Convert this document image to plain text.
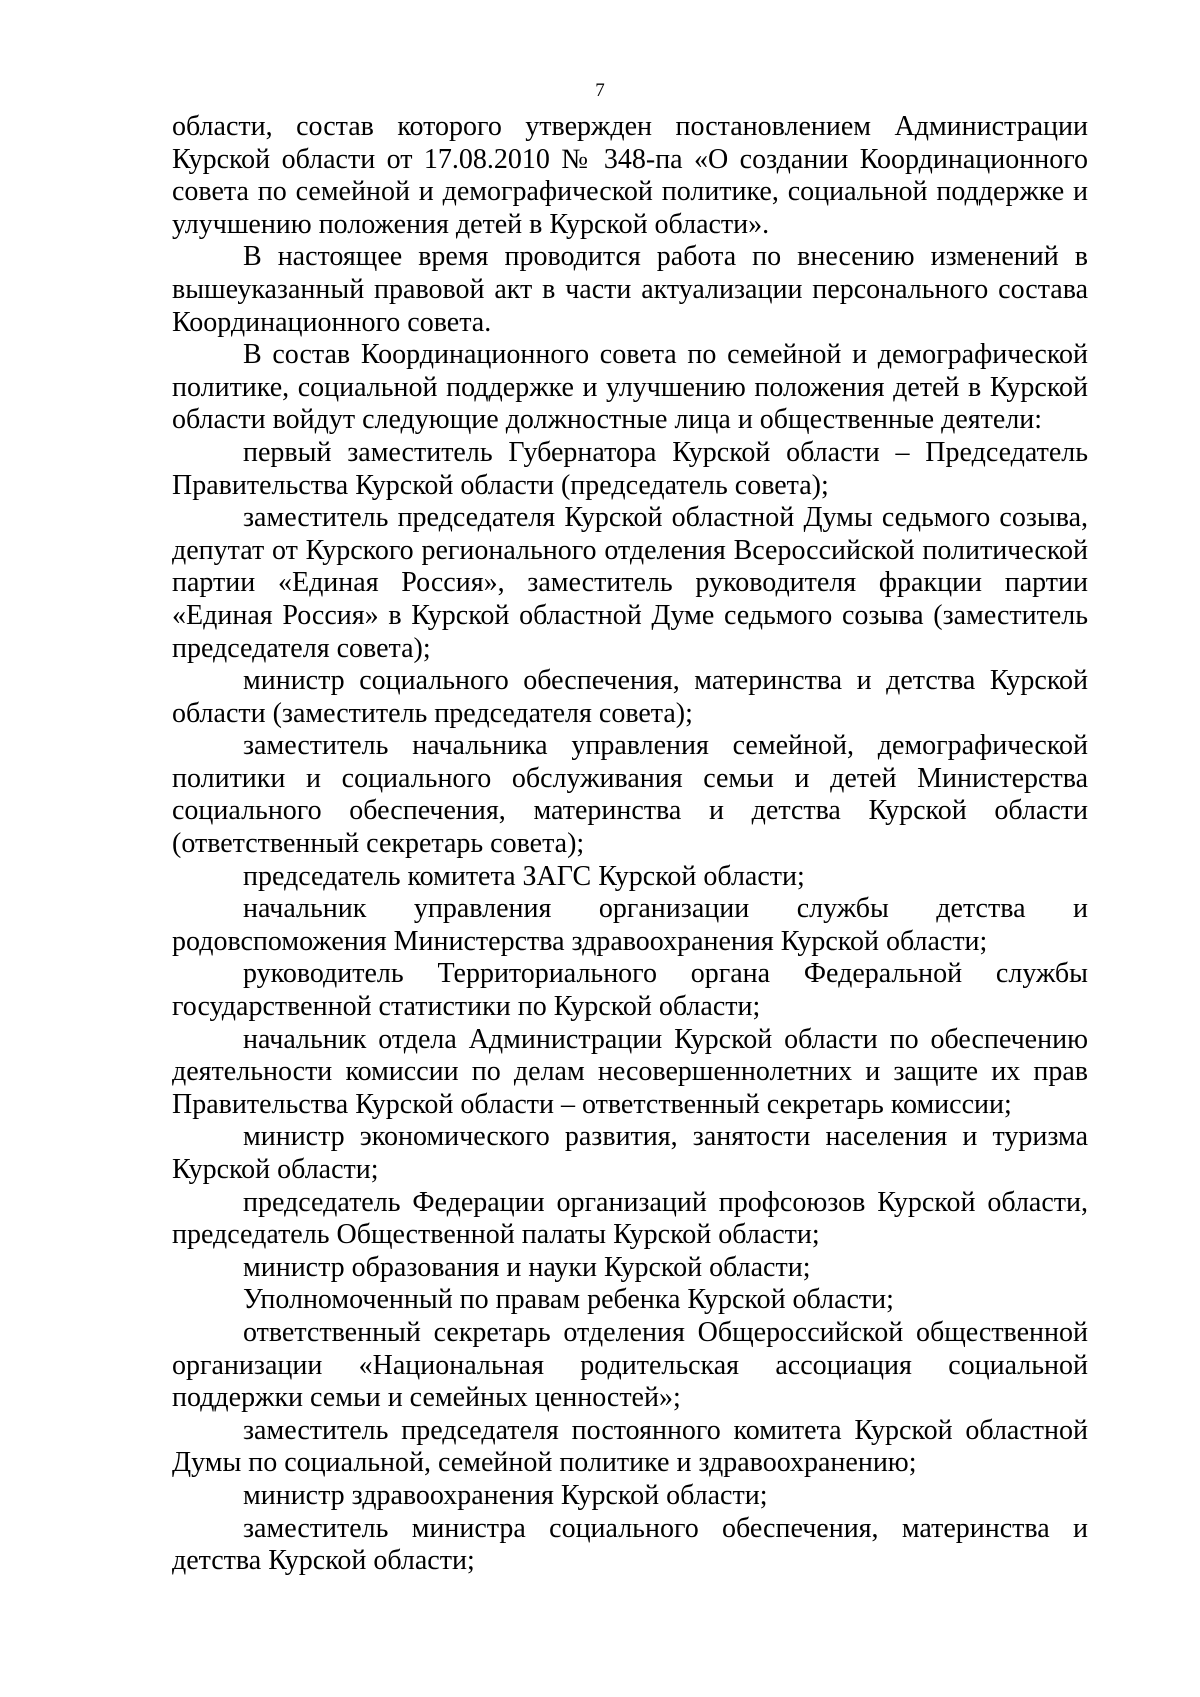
7

области, состав которого утвержден постановлением Администрации Курской области от 17.08.2010 № 348-па «О создании Координационного совета по семейной и демографической политике, социальной поддержке и улучшению положения детей в Курской области».

В настоящее время проводится работа по внесению изменений в вышеуказанный правовой акт в части актуализации персонального состава Координационного совета.

В состав Координационного совета по семейной и демографической политике, социальной поддержке и улучшению положения детей в Курской области войдут следующие должностные лица и общественные деятели:

первый заместитель Губернатора Курской области – Председатель Правительства Курской области (председатель совета);

заместитель председателя Курской областной Думы седьмого созыва, депутат от Курского регионального отделения Всероссийской политической партии «Единая Россия», заместитель руководителя фракции партии «Единая Россия» в Курской областной Думе седьмого созыва (заместитель председателя совета);

министр социального обеспечения, материнства и детства Курской области (заместитель председателя совета);

заместитель начальника управления семейной, демографической политики и социального обслуживания семьи и детей Министерства социального обеспечения, материнства и детства Курской области (ответственный секретарь совета);

председатель комитета ЗАГС Курской области;

начальник управления организации службы детства и родовспоможения Министерства здравоохранения Курской области;

руководитель Территориального органа Федеральной службы государственной статистики по Курской области;

начальник отдела Администрации Курской области по обеспечению деятельности комиссии по делам несовершеннолетних и защите их прав Правительства Курской области – ответственный секретарь комиссии;

министр экономического развития, занятости населения и туризма Курской области;

председатель Федерации организаций профсоюзов Курской области, председатель Общественной палаты Курской области;

министр образования и науки Курской области;

Уполномоченный по правам ребенка Курской области;

ответственный секретарь отделения Общероссийской общественной организации «Национальная родительская ассоциация социальной поддержки семьи и семейных ценностей»;

заместитель председателя постоянного комитета Курской областной Думы по социальной, семейной политике и здравоохранению;

министр здравоохранения Курской области;

заместитель министра социального обеспечения, материнства и детства Курской области;
